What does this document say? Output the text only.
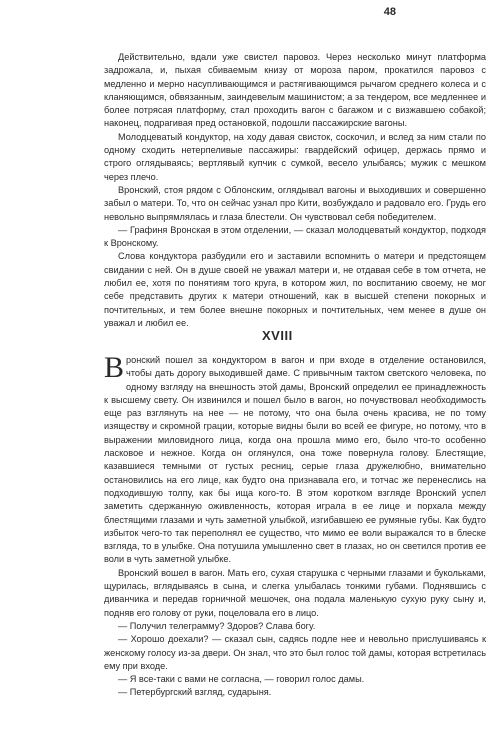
48

Действительно, вдали уже свистел паровоз. Через несколько минут платформа задрожала, и, пыхая сбиваемым книзу от мороза паром, прокатился паровоз с медленно и мерно насупливающимся и растягивающимся рычагом среднего колеса и с кланяющимся, обвязанным, заиндевелым машинистом; а за тендером, все медленнее и более потрясая платформу, стал проходить вагон с багажом и с визжавшею собакой; наконец, подрагивая пред остановкой, подошли пассажирские вагоны.

Молодцеватый кондуктор, на ходу давая свисток, соскочил, и вслед за ним стали по одному сходить нетерпеливые пассажиры: гвардейский офицер, держась прямо и строго оглядываясь; вертлявый купчик с сумкой, весело улыбаясь; мужик с мешком через плечо.

Вронский, стоя рядом с Облонским, оглядывал вагоны и выходивших и совершенно забыл о матери. То, что он сейчас узнал про Кити, возбуждало и радовало его. Грудь его невольно выпрямлялась и глаза блестели. Он чувствовал себя победителем.

— Графиня Вронская в этом отделении, — сказал молодцеватый кондуктор, подходя к Вронскому.

Слова кондуктора разбудили его и заставили вспомнить о матери и предстоящем свидании с ней. Он в душе своей не уважал матери и, не отдавая себе в том отчета, не любил ее, хотя по понятиям того круга, в котором жил, по воспитанию своему, не мог себе представить других к матери отношений, как в высшей степени покорных и почтительных, и тем более внешне покорных и почтительных, чем менее в душе он уважал и любил ее.

XVIII

Вронский пошел за кондуктором в вагон и при входе в отделение остановился, чтобы дать дорогу выходившей даме. С привычным тактом светского человека, по одному взгляду на внешность этой дамы, Вронский определил ее принадлежность к высшему свету. Он извинился и пошел было в вагон, но почувствовал необходимость еще раз взглянуть на нее — не потому, что она была очень красива, не по тому изяществу и скромной грации, которые видны были во всей ее фигуре, но потому, что в выражении миловидного лица, когда она прошла мимо его, было что-то особенно ласковое и нежное. Когда он оглянулся, она тоже повернула голову. Блестящие, казавшиеся темными от густых ресниц, серые глаза дружелюбно, внимательно остановились на его лице, как будто она признавала его, и тотчас же перенеслись на подходившую толпу, как бы ища кого-то. В этом коротком взгляде Вронский успел заметить сдержанную оживленность, которая играла в ее лице и порхала между блестящими глазами и чуть заметной улыбкой, изгибавшею ее румяные губы. Как будто избыток чего-то так переполнял ее существо, что мимо ее воли выражался то в блеске взгляда, то в улыбке. Она потушила умышленно свет в глазах, но он светился против ее воли в чуть заметной улыбке.

Вронский вошел в вагон. Мать его, сухая старушка с черными глазами и букольками, щурилась, вглядываясь в сына, и слегка улыбалась тонкими губами. Поднявшись с диванчика и передав горничной мешочек, она подала маленькую сухую руку сыну и, подняв его голову от руки, поцеловала его в лицо.

— Получил телеграмму? Здоров? Слава богу.

— Хорошо доехали? — сказал сын, садясь подле нее и невольно прислушиваясь к женскому голосу из-за двери. Он знал, что это был голос той дамы, которая встретилась ему при входе.

— Я все-таки с вами не согласна, — говорил голос дамы.

— Петербургский взгляд, сударыня.
